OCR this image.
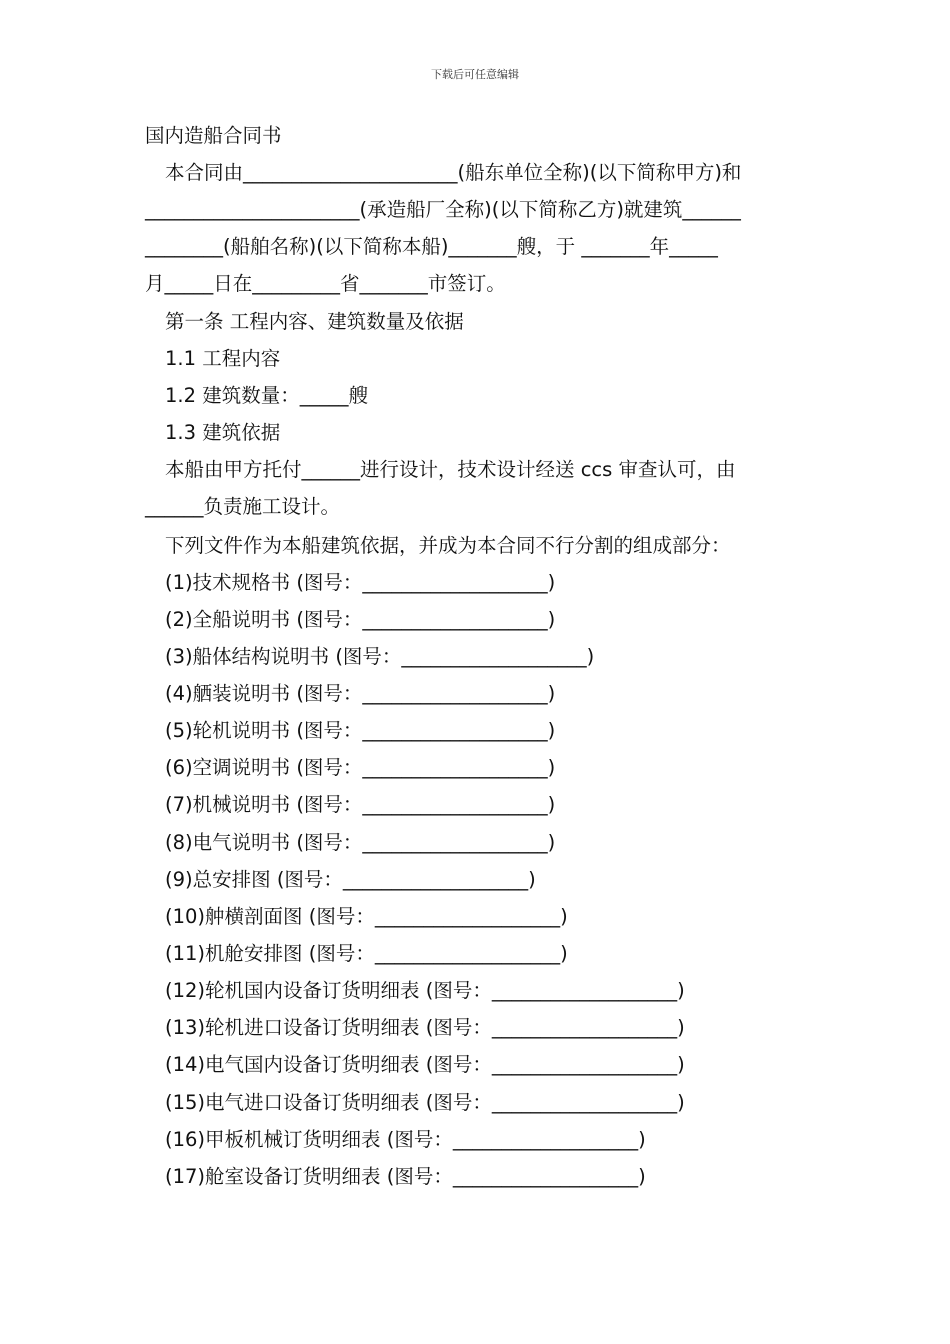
下载后可任意编辑
国内造船合同书
本合同由______________________(船东单位全称)(以下简称甲方)和
______________________(承造船厂全称)(以下简称乙方)就建筑______
________(船舶名称)(以下简称本船)_______艘，于 _______年_____
月_____日在_________省_______市签订。
第一条 工程内容、建筑数量及依据
1.1 工程内容
1.2 建筑数量：_____艘
1.3 建筑依据
本船由甲方托付______进行设计，技术设计经送 ccs 审查认可，由
______负责施工设计。
下列文件作为本船建筑依据，并成为本合同不行分割的组成部分：
(1)技术规格书 (图号：___________________)
(2)全船说明书 (图号：___________________)
(3)船体结构说明书 (图号：___________________)
(4)舾装说明书 (图号：___________________)
(5)轮机说明书 (图号：___________________)
(6)空调说明书 (图号：___________________)
(7)机械说明书 (图号：___________________)
(8)电气说明书 (图号：___________________)
(9)总安排图 (图号：___________________)
(10)舯横剖面图 (图号：___________________)
(11)机舱安排图 (图号：___________________)
(12)轮机国内设备订货明细表 (图号：___________________)
(13)轮机进口设备订货明细表 (图号：___________________)
(14)电气国内设备订货明细表 (图号：___________________)
(15)电气进口设备订货明细表 (图号：___________________)
(16)甲板机械订货明细表 (图号：___________________)
(17)舱室设备订货明细表 (图号：___________________)
